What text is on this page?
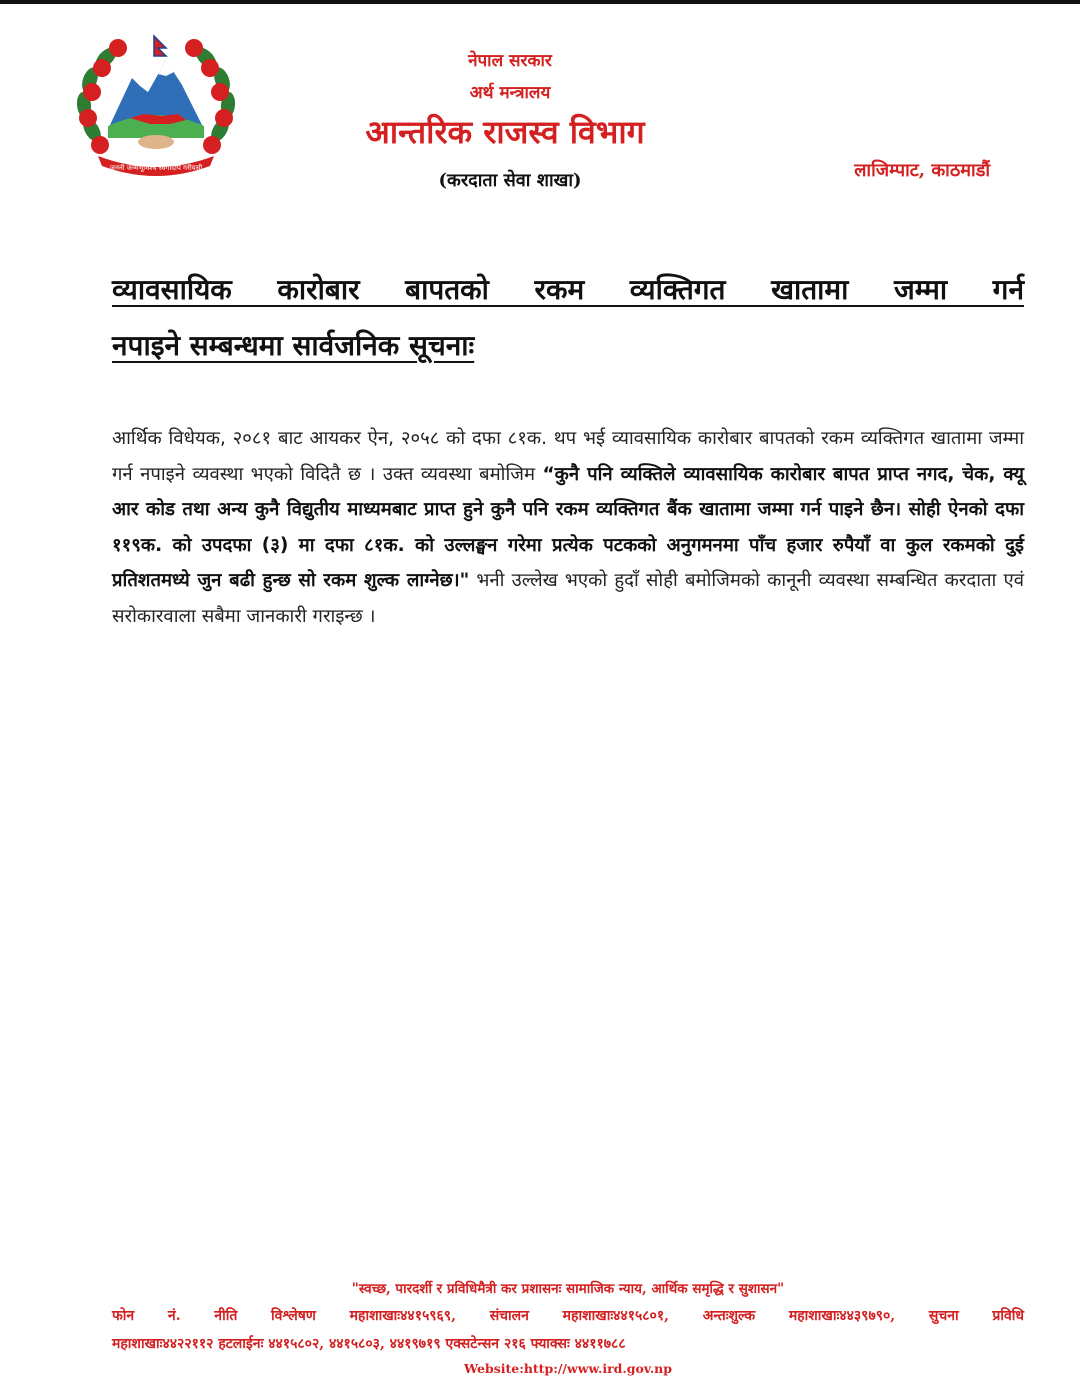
जननी जन्मभूमिश्च स्वर्गादपि गरीयसी
नेपाल सरकार
अर्थ मन्त्रालय
आन्तरिक राजस्व विभाग
(करदाता सेवा शाखा)	लाजिम्पाट, काठमाडौं
व्यावसायिक कारोबार बापतको रकम व्यक्तिगत खातामा जम्मा गर्न
नपाइने सम्बन्धमा सार्वजनिक सूचनाः
आर्थिक विधेयक, २०८१ बाट आयकर ऐन, २०५८ को दफा ८१क. थप भई व्यावसायिक कारोबार बापतको रकम व्यक्तिगत खातामा जम्मा गर्न नपाइने व्यवस्था भएको विदितै छ । उक्त व्यवस्था बमोजिम “कुनै पनि व्यक्तिले व्यावसायिक कारोबार बापत प्राप्त नगद, चेक, क्यू आर कोड तथा अन्य कुनै विद्युतीय माध्यमबाट प्राप्त हुने कुनै पनि रकम व्यक्तिगत बैंक खातामा जम्मा गर्न पाइने छैन। सोही ऐनको दफा ११९क. को उपदफा (३) मा दफा ८१क. को उल्लङ्घन गरेमा प्रत्येक पटकको अनुगमनमा पाँच हजार रुपैयाँ वा कुल रकमको दुई प्रतिशतमध्ये जुन बढी हुन्छ सो रकम शुल्क लाग्नेछ।" भनी उल्लेख भएको हुदाँ सोही बमोजिमको कानूनी व्यवस्था सम्बन्धित करदाता एवं सरोकारवाला सबैमा जानकारी गराइन्छ ।
"स्वच्छ, पारदर्शी र प्रविधिमैत्री कर प्रशासनः सामाजिक न्याय, आर्थिक समृद्धि र सुशासन"
फोन नं. नीति विश्लेषण महाशाखाः४४१५९६९, संचालन महाशाखाः४४१५८०१, अन्तःशुल्क महाशाखाः४४३९७९०, सुचना प्रविधि
महाशाखाः४४२२११२ हटलाईनः ४४१५८०२, ४४१५८०३, ४४१९७१९ एक्सटेन्सन २१६ फ्याक्सः ४४११७८८
Website:http://www.ird.gov.np
